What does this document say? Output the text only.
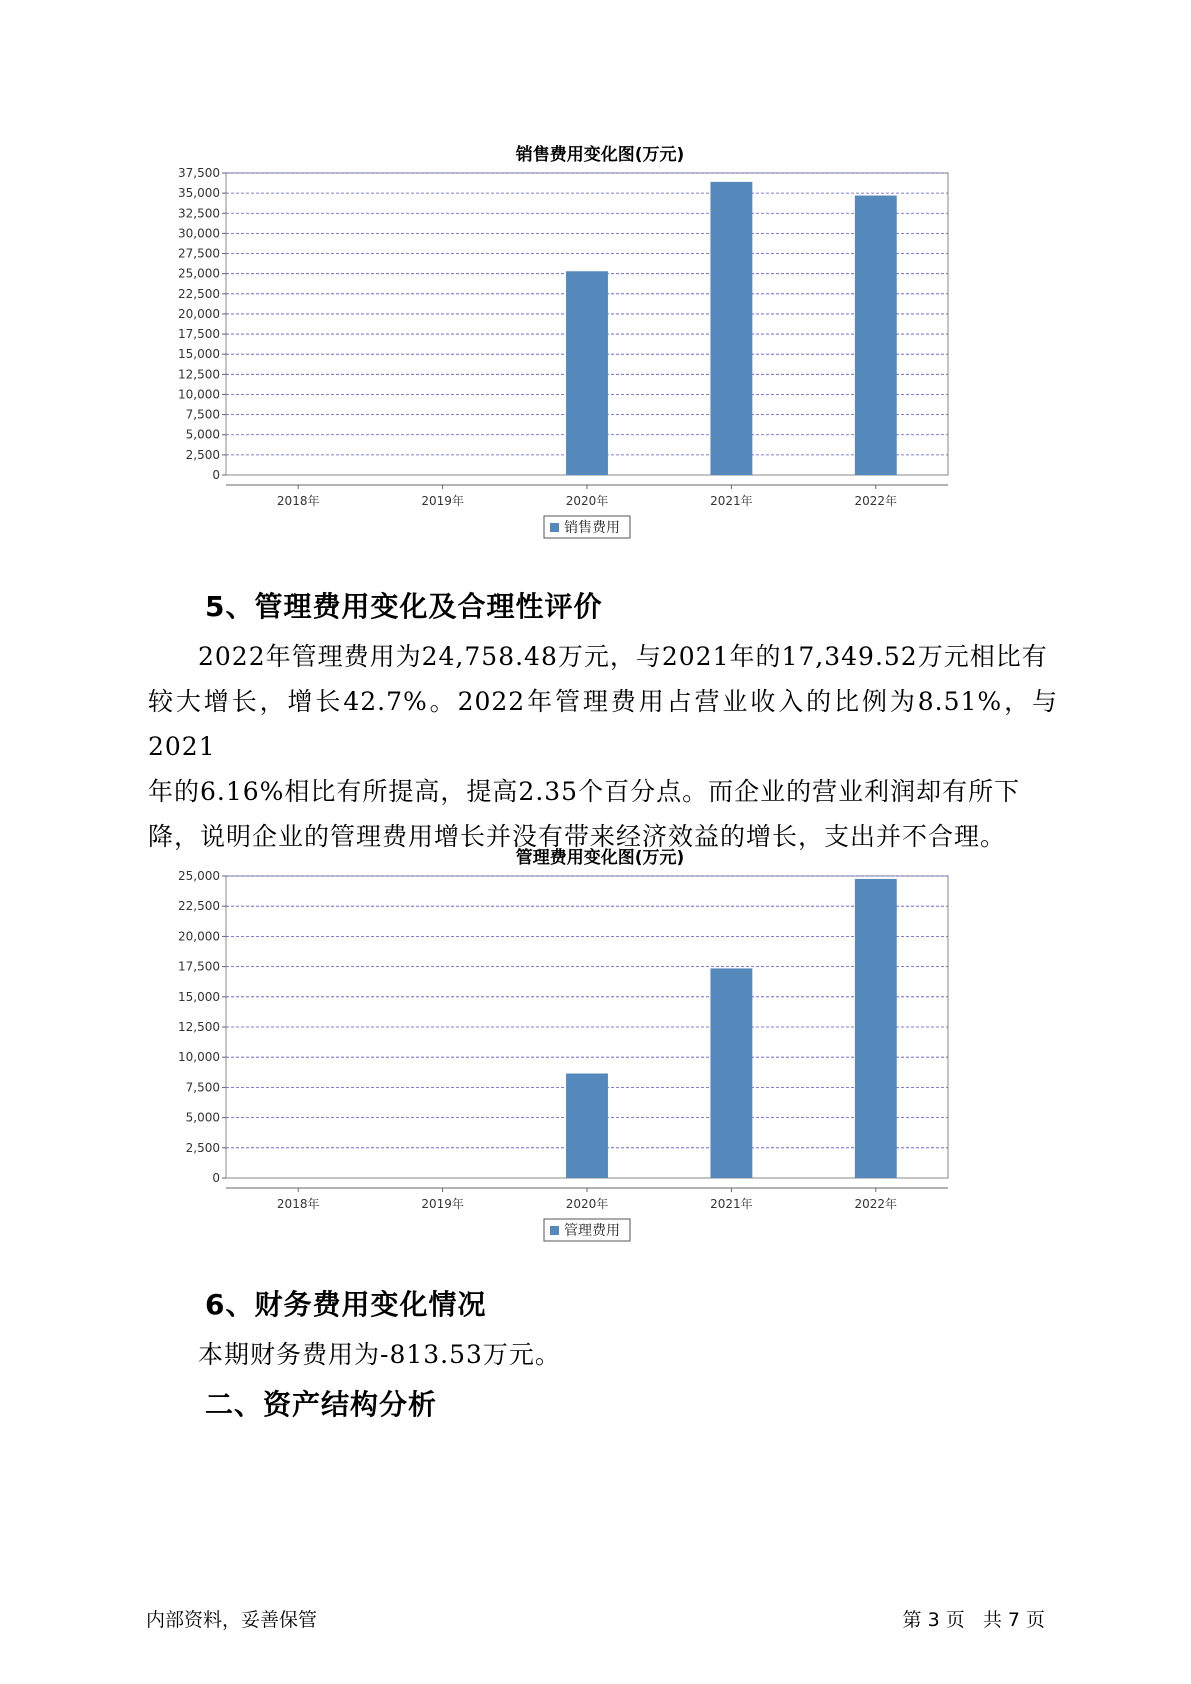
销售费用变化图(万元)
0
2,500
5,000
7,500
10,000
12,500
15,000
17,500
20,000
22,500
25,000
27,500
30,000
32,500
35,000
37,500
2018年	2019年	2020年	2021年	2022年
销售费用
5、管理费用变化及合理性评价

2022年管理费用为24,758.48万元，与2021年的17,349.52万元相比有

较大增长，增长42.7%。2022年管理费用占营业收入的比例为8.51%，与2021

年的6.16%相比有所提高，提高2.35个百分点。而企业的营业利润却有所下

降，说明企业的管理费用增长并没有带来经济效益的增长，支出并不合理。

管理费用变化图(万元)
0
2,500
5,000
7,500
10,000
12,500
15,000
17,500
20,000
22,500
25,000
2018年	2019年	2020年	2021年	2022年
管理费用
6、财务费用变化情况

本期财务费用为-813.53万元。

二、资产结构分析
内部资料，妥善保管	第 3 页   共 7 页
